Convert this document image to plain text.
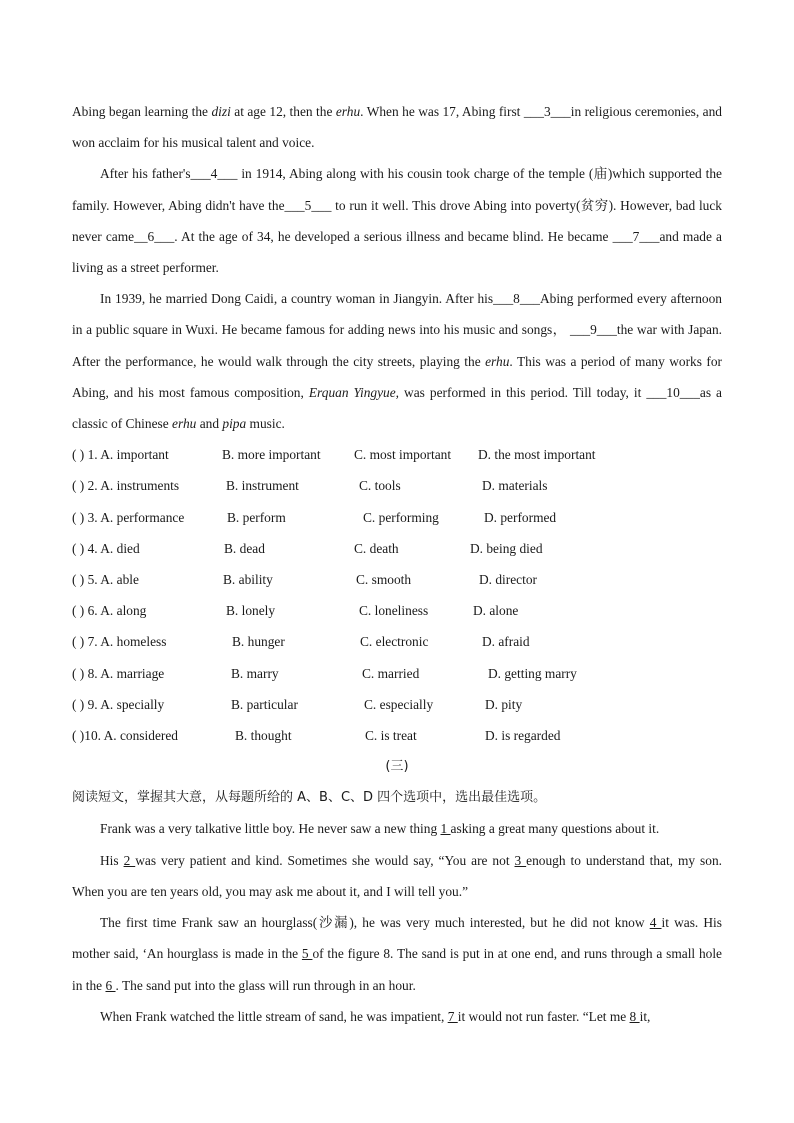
Abing began learning the dizi at age 12, then the erhu. When he was 17, Abing first ___3___in religious ceremonies, and won acclaim for his musical talent and voice.

After his father's___4___ in 1914, Abing along with his cousin took charge of the temple (庙)which supported the family. However, Abing didn't have the___5___ to run it well. This drove Abing into poverty(贫穷). However, bad luck never came__6___. At the age of 34, he developed a serious illness and became blind. He became ___7___and made a living as a street performer.

In 1939, he married Dong Caidi, a country woman in Jiangyin. After his___8___Abing performed every afternoon in a public square in Wuxi. He became famous for adding news into his music and songs， ___9___the war with Japan. After the performance, he would walk through the city streets, playing the erhu. This was a period of many works for Abing, and his most famous composition, Erquan Yingyue, was performed in this period. Till today, it ___10___as a classic of Chinese erhu and pipa music.

( ) 1. A. important	B. more important C. most important D. the most important
( ) 2. A. instruments	B. instrument	C. tools	D. materials
( ) 3. A. performance	B. perform	C. performing	D. performed
( ) 4. A. died	B. dead	C. death	D. being died
( ) 5. A. able	B. ability	C. smooth	D. director
( ) 6. A. along	B. lonely	C. loneliness	D. alone
( ) 7. A. homeless	B. hunger	C. electronic	D. afraid
( ) 8. A. marriage	B. marry	C. married	D. getting marry
( ) 9. A. specially	B. particular	C. especially	D. pity
( )10. A. considered	B. thought	C. is treat	D. is regarded
(三)
阅读短文，掌握其大意，从每题所给的 A、B、C、D 四个选项中，选出最佳选项。

Frank was a very talkative little boy. He never saw a new thing 1 asking a great many questions about it.

His 2 was very patient and kind. Sometimes she would say, “You are not 3 enough to understand that, my son. When you are ten years old, you may ask me about it, and I will tell you.”

The first time Frank saw an hourglass(沙漏), he was very much interested, but he did not know 4 it was. His mother said, ‘An hourglass is made in the 5 of the figure 8. The sand is put in at one end, and runs through a small hole in the 6 . The sand put into the glass will run through in an hour.

When Frank watched the little stream of sand, he was impatient, 7 it would not run faster. “Let me 8 it,
